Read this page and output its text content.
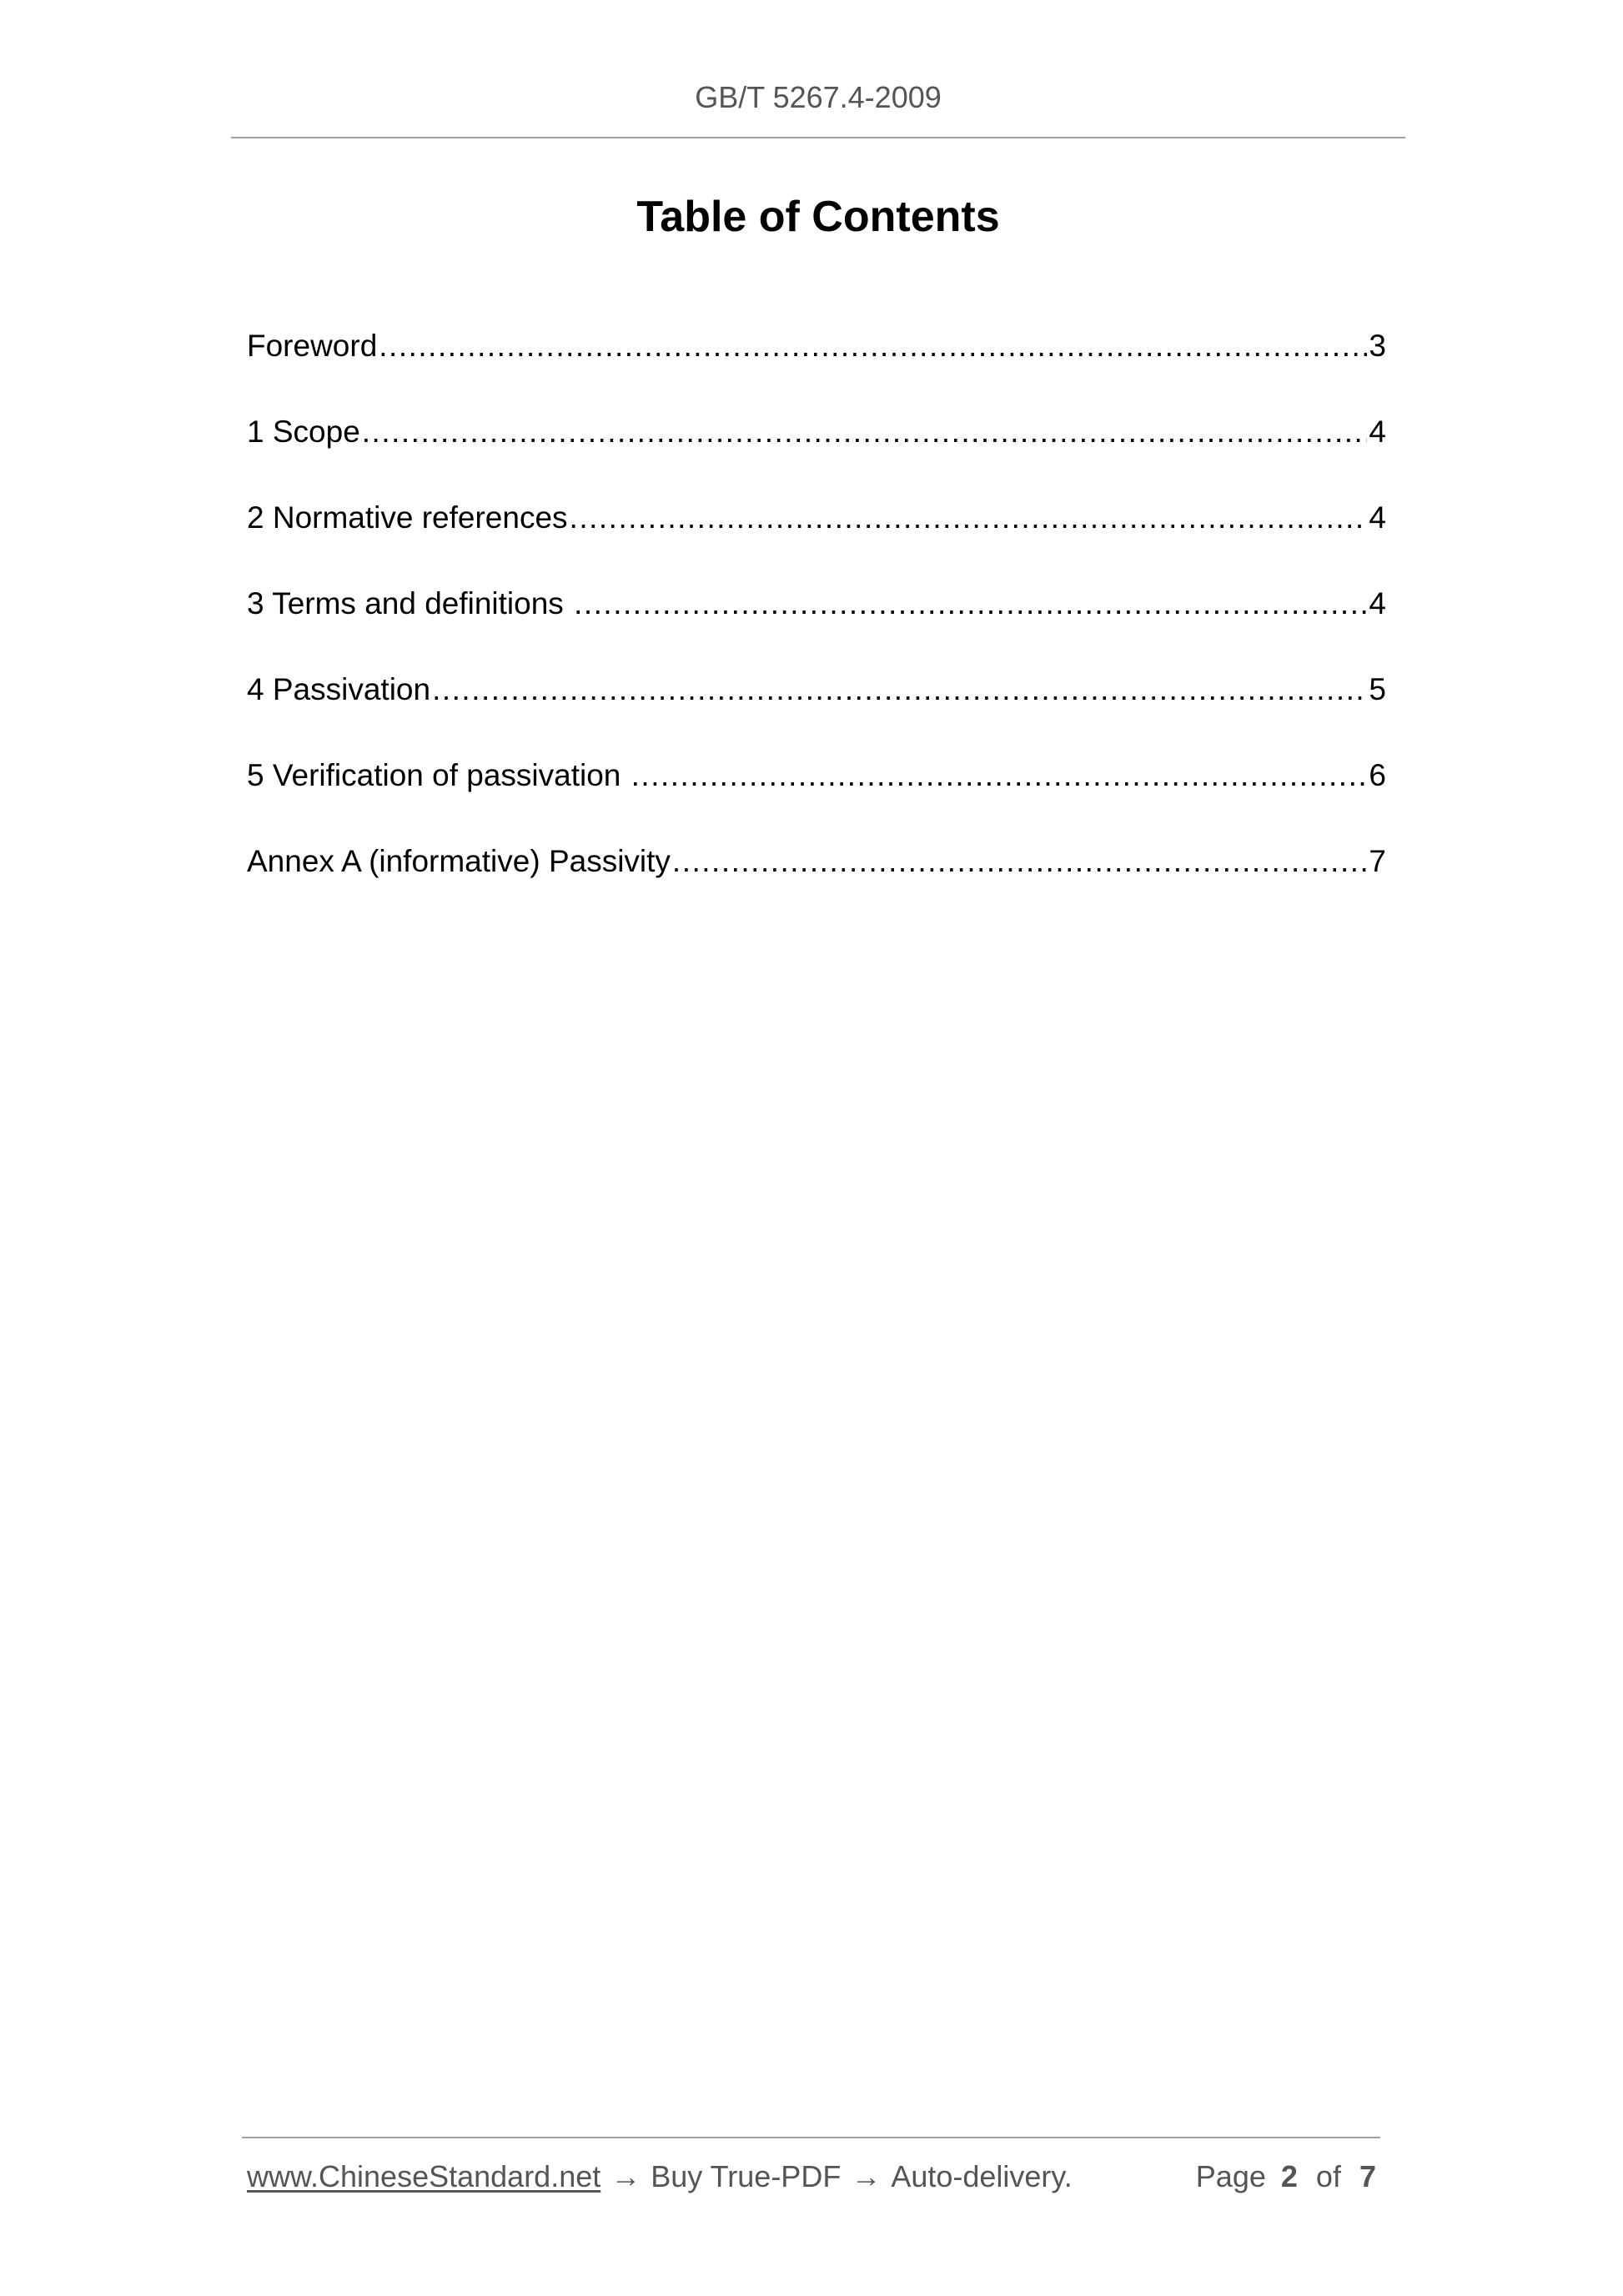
GB/T 5267.4-2009
Table of Contents
Foreword .....	3
1 Scope .....	4
2 Normative references .....	4
3 Terms and definitions .....	4
4 Passivation .....	5
5 Verification of passivation .....	6
Annex A (informative) Passivity .....	7
www.ChineseStandard.net → Buy True-PDF → Auto-delivery.	Page 2 of 7
